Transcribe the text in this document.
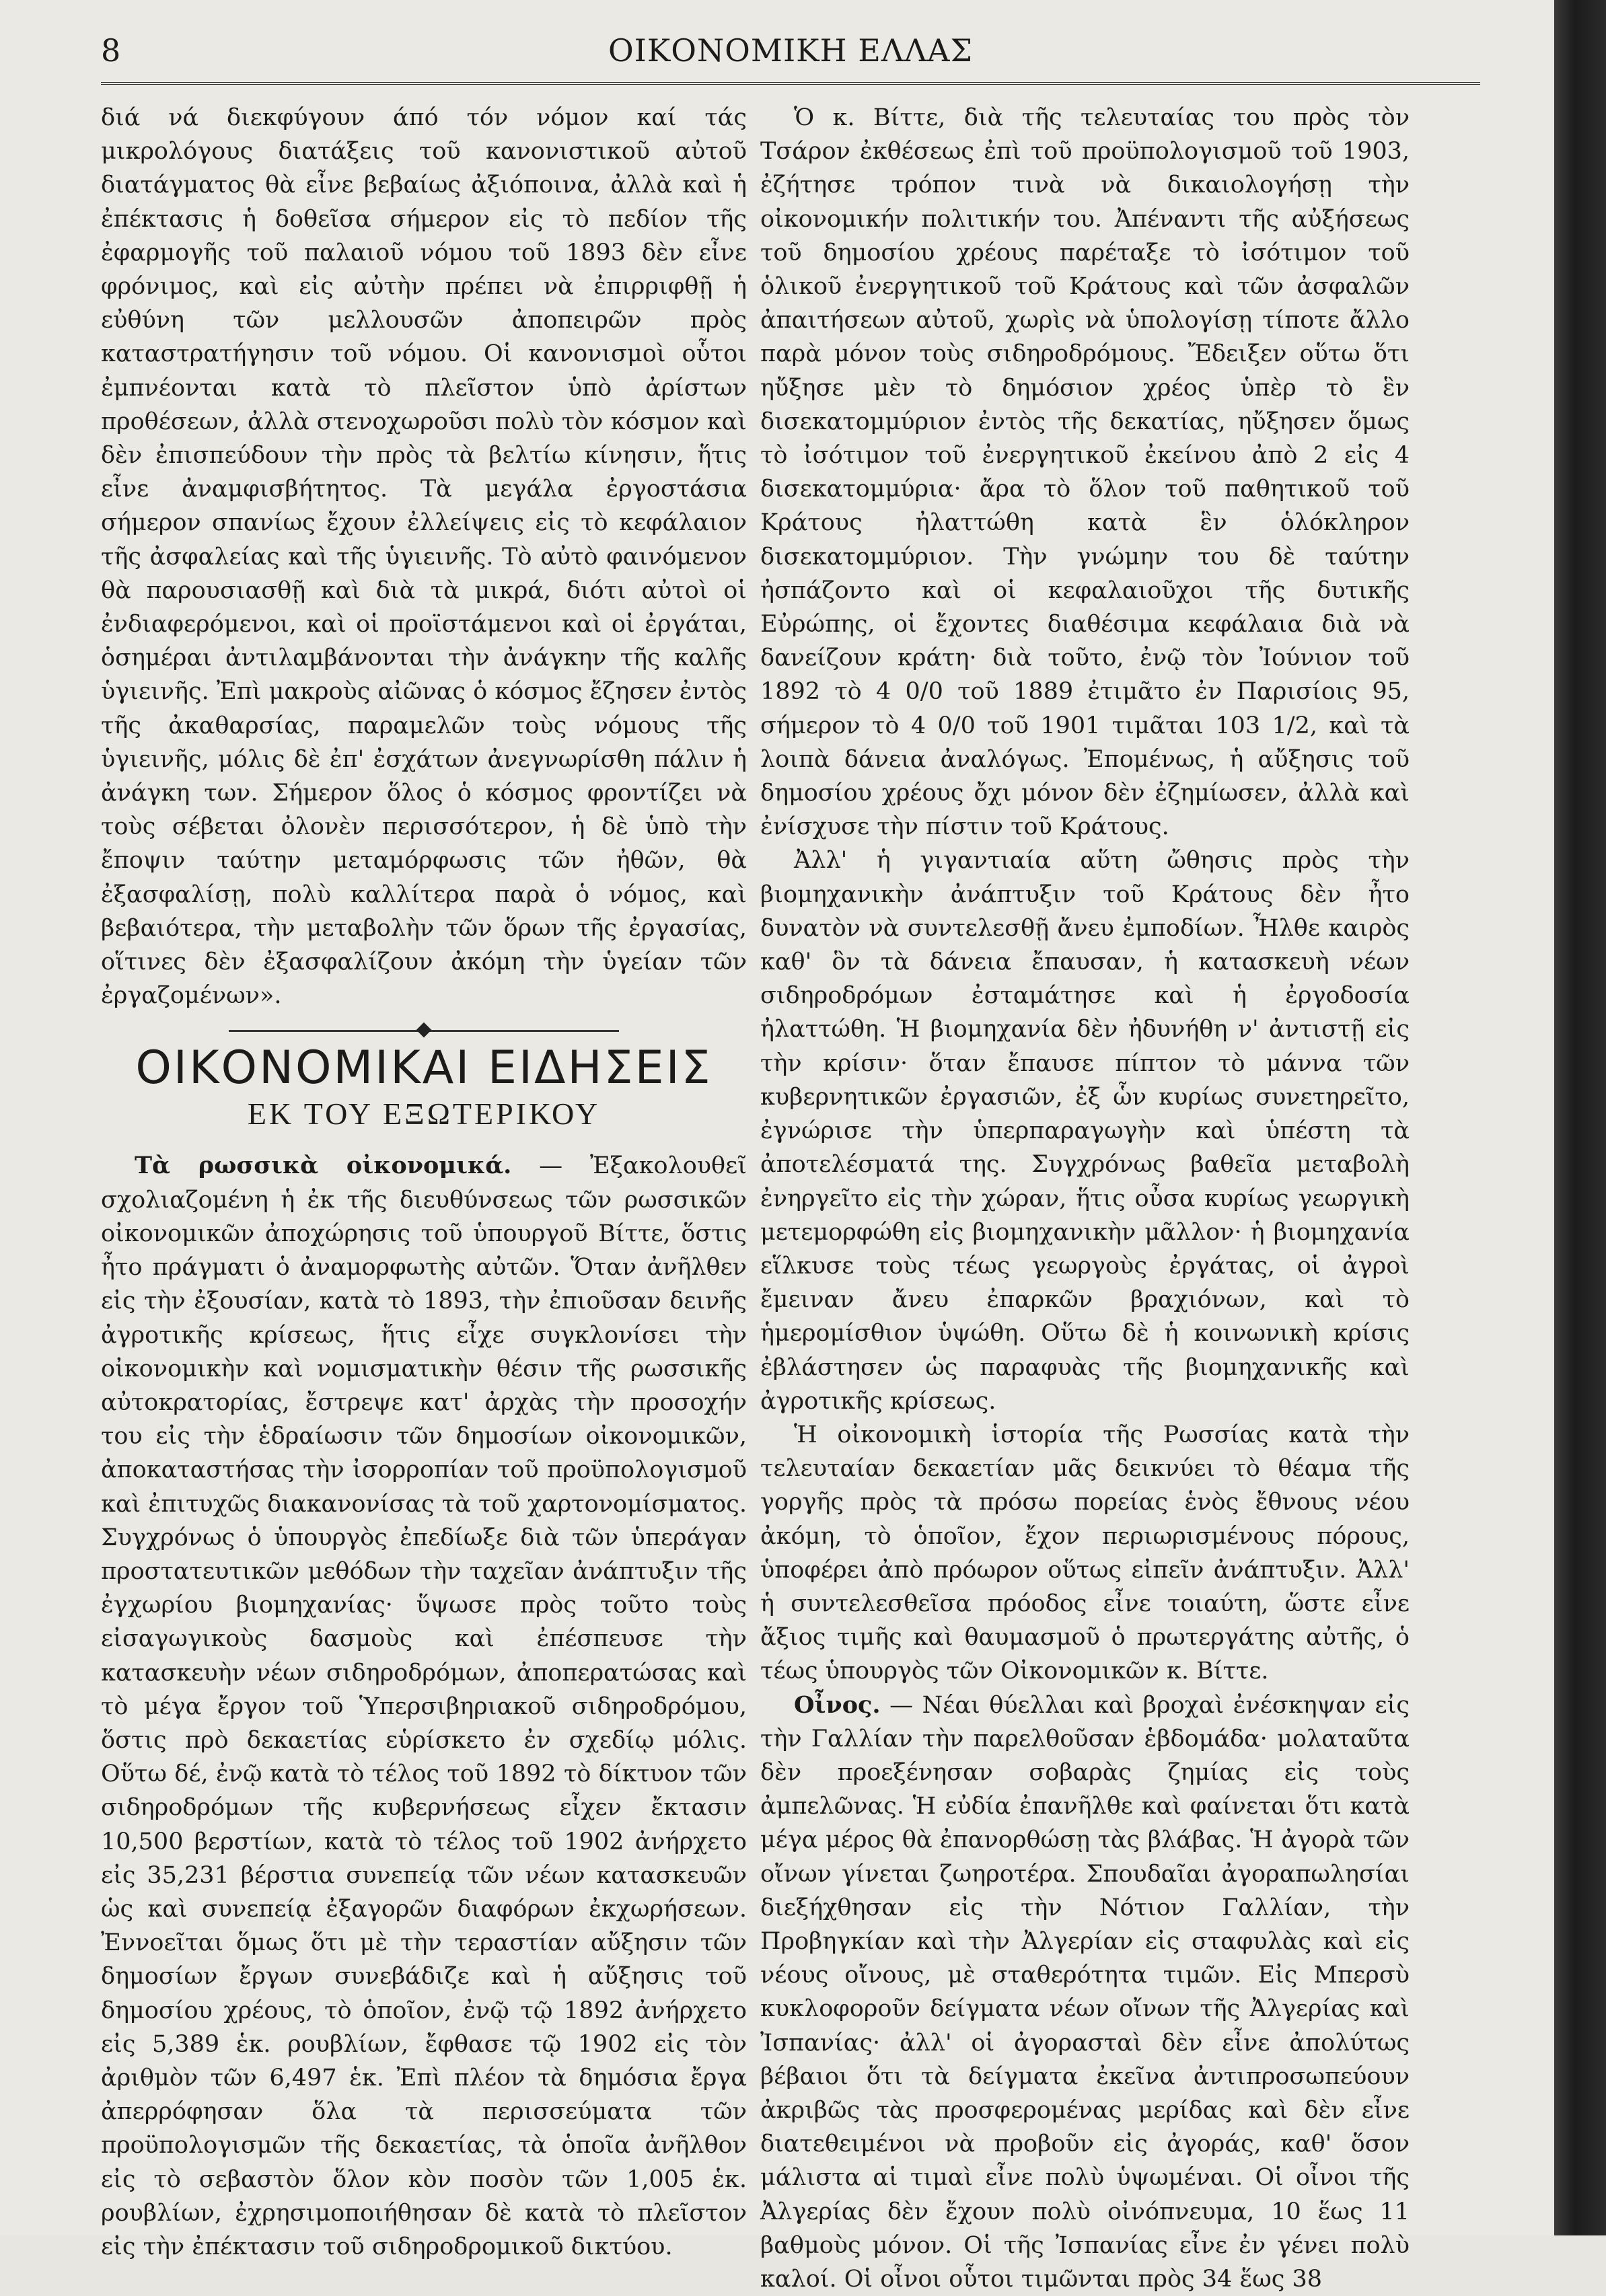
8	ΟΙΚΟΝΟΜΙΚΗ ΕΛΛΑΣ

διά νά διεκφύγουν άπό τόν νόμον καί τάς μικρολόγους διατάξεις τοῦ κανονιστικοῦ αὐτοῦ διατάγματος θὰ εἶνε βεβαίως ἀξιόποινα, ἀλλὰ καὶ ἡ ἐπέκτασις ἡ δοθεῖσα σήμερον εἰς τὸ πεδίον τῆς ἐφαρμογῆς τοῦ παλαιοῦ νόμου τοῦ 1893 δὲν εἶνε φρόνιμος, καὶ εἰς αὐτὴν πρέπει νὰ ἐπιρριφθῇ ἡ εὐθύνη τῶν μελλουσῶν ἀποπειρῶν πρὸς καταστρατήγησιν τοῦ νόμου. Οἱ κανονισμοὶ οὗτοι ἐμπνέονται κατὰ τὸ πλεῖστον ὑπὸ ἀρίστων προθέσεων, ἀλλὰ στενοχωροῦσι πολὺ τὸν κόσμον καὶ δὲν ἐπισπεύδουν τὴν πρὸς τὰ βελτίω κίνησιν, ἥτις εἶνε ἀναμφισβήτητος. Τὰ μεγάλα ἐργοστάσια σήμερον σπανίως ἔχουν ἐλλείψεις εἰς τὸ κεφάλαιον τῆς ἀσφαλείας καὶ τῆς ὑγιεινῆς. Τὸ αὐτὸ φαινόμενον θὰ παρουσιασθῇ καὶ διὰ τὰ μικρά, διότι αὐτοὶ οἱ ἐνδιαφερόμενοι, καὶ οἱ προϊστάμενοι καὶ οἱ ἐργάται, ὁσημέραι ἀντιλαμβάνονται τὴν ἀνάγκην τῆς καλῆς ὑγιεινῆς. Ἐπὶ μακροὺς αἰῶνας ὁ κόσμος ἔζησεν ἐντὸς τῆς ἀκαθαρσίας, παραμελῶν τοὺς νόμους τῆς ὑγιεινῆς, μόλις δὲ ἐπ' ἐσχάτων ἀνεγνωρίσθη πάλιν ἡ ἀνάγκη των. Σήμερον ὅλος ὁ κόσμος φροντίζει νὰ τοὺς σέβεται ὀλονὲν περισσότερον, ἡ δὲ ὑπὸ τὴν ἔποψιν ταύτην μεταμόρφωσις τῶν ἠθῶν, θὰ ἐξασφαλίσῃ, πολὺ καλλίτερα παρὰ ὁ νόμος, καὶ βεβαιότερα, τὴν μεταβολὴν τῶν ὅρων τῆς ἐργασίας, οἵτινες δὲν ἐξασφαλίζουν ἀκόμη τὴν ὑγείαν τῶν ἐργαζομένων».

ΟΙΚΟΝΟΜΙΚΑΙ ΕΙΔΗΣΕΙΣ
ΕΚ ΤΟΥ ΕΞΩΤΕΡΙΚΟΥ

Τὰ ρωσσικὰ οἰκονομικά. — Ἐξακολουθεῖ σχολιαζομένη ἡ ἐκ τῆς διευθύνσεως τῶν ρωσσικῶν οἰκονομικῶν ἀποχώρησις τοῦ ὑπουργοῦ Βίττε, ὅστις ἦτο πράγματι ὁ ἀναμορφωτὴς αὐτῶν. Ὅταν ἀνῆλθεν εἰς τὴν ἐξουσίαν, κατὰ τὸ 1893, τὴν ἐπιοῦσαν δεινῆς ἀγροτικῆς κρίσεως, ἥτις εἶχε συγκλονίσει τὴν οἰκονομικὴν καὶ νομισματικὴν θέσιν τῆς ρωσσικῆς αὐτοκρατορίας, ἔστρεψε κατ' ἀρχὰς τὴν προσοχήν του εἰς τὴν ἑδραίωσιν τῶν δημοσίων οἰκονομικῶν, ἀποκαταστήσας τὴν ἰσορροπίαν τοῦ προϋπολογισμοῦ καὶ ἐπιτυχῶς διακανονίσας τὰ τοῦ χαρτονομίσματος. Συγχρόνως ὁ ὑπουργὸς ἐπεδίωξε διὰ τῶν ὑπεράγαν προστατευτικῶν μεθόδων τὴν ταχεῖαν ἀνάπτυξιν τῆς ἐγχωρίου βιομηχανίας· ὕψωσε πρὸς τοῦτο τοὺς εἰσαγωγικοὺς δασμοὺς καὶ ἐπέσπευσε τὴν κατασκευὴν νέων σιδηροδρόμων, ἀποπερατώσας καὶ τὸ μέγα ἔργον τοῦ Ὑπερσιβηριακοῦ σιδηροδρόμου, ὅστις πρὸ δεκαετίας εὑρίσκετο ἐν σχεδίῳ μόλις. Οὕτω δέ, ἐνῷ κατὰ τὸ τέλος τοῦ 1892 τὸ δίκτυον τῶν σιδηροδρόμων τῆς κυβερνήσεως εἶχεν ἔκτασιν 10,500 βερστίων, κατὰ τὸ τέλος τοῦ 1902 ἀνήρχετο εἰς 35,231 βέρστια συνεπείᾳ τῶν νέων κατασκευῶν ὡς καὶ συνεπείᾳ ἐξαγορῶν διαφόρων ἐκχωρήσεων. Ἐννοεῖται ὅμως ὅτι μὲ τὴν τεραστίαν αὔξησιν τῶν δημοσίων ἔργων συνεβάδιζε καὶ ἡ αὔξησις τοῦ δημοσίου χρέους, τὸ ὁποῖον, ἐνῷ τῷ 1892 ἀνήρχετο εἰς 5,389 ἑκ. ρουβλίων, ἔφθασε τῷ 1902 εἰς τὸν ἀριθμὸν τῶν 6,497 ἑκ. Ἐπὶ πλέον τὰ δημόσια ἔργα ἀπερρόφησαν ὅλα τὰ περισσεύματα τῶν προϋπολογισμῶν τῆς δεκαετίας, τὰ ὁποῖα ἀνῆλθον εἰς τὸ σεβαστὸν ὅλον κὸν ποσὸν τῶν 1,005 ἑκ. ρουβλίων, ἐχρησιμοποιήθησαν δὲ κατὰ τὸ πλεῖστον εἰς τὴν ἐπέκτασιν τοῦ σιδηροδρομικοῦ δικτύου.

Ὁ κ. Βίττε, διὰ τῆς τελευταίας του πρὸς τὸν Τσάρον ἐκθέσεως ἐπὶ τοῦ προϋπολογισμοῦ τοῦ 1903, ἐζήτησε τρόπον τινὰ νὰ δικαιολογήσῃ τὴν οἰκονομικήν πολιτικήν του. Ἀπέναντι τῆς αὐξήσεως τοῦ δημοσίου χρέους παρέταξε τὸ ἰσότιμον τοῦ ὁλικοῦ ἐνεργητικοῦ τοῦ Κράτους καὶ τῶν ἀσφαλῶν ἀπαιτήσεων αὐτοῦ, χωρὶς νὰ ὑπολογίσῃ τίποτε ἄλλο παρὰ μόνον τοὺς σιδηροδρόμους. Ἔδειξεν οὕτω ὅτι ηὔξησε μὲν τὸ δημόσιον χρέος ὑπὲρ τὸ ἓν δισεκατομμύριον ἐντὸς τῆς δεκατίας, ηὔξησεν ὅμως τὸ ἰσότιμον τοῦ ἐνεργητικοῦ ἐκείνου ἀπὸ 2 εἰς 4 δισεκατομμύρια· ἄρα τὸ ὅλον τοῦ παθητικοῦ τοῦ Κράτους ἠλαττώθη κατὰ ἓν ὁλόκληρον δισεκατομμύριον. Τὴν γνώμην του δὲ ταύτην ἠσπάζοντο καὶ οἱ κεφαλαιοῦχοι τῆς δυτικῆς Εὐρώπης, οἱ ἔχοντες διαθέσιμα κεφάλαια διὰ νὰ δανείζουν κράτη· διὰ τοῦτο, ἐνῷ τὸν Ἰούνιον τοῦ 1892 τὸ 4 0/0 τοῦ 1889 ἐτιμᾶτο ἐν Παρισίοις 95, σήμερον τὸ 4 0/0 τοῦ 1901 τιμᾶται 103 1/2, καὶ τὰ λοιπὰ δάνεια ἀναλόγως. Ἐπομένως, ἡ αὔξησις τοῦ δημοσίου χρέους ὄχι μόνον δὲν ἐζημίωσεν, ἀλλὰ καὶ ἐνίσχυσε τὴν πίστιν τοῦ Κράτους.

Ἀλλ' ἡ γιγαντιαία αὕτη ὤθησις πρὸς τὴν βιομηχανικὴν ἀνάπτυξιν τοῦ Κράτους δὲν ἦτο δυνατὸν νὰ συντελεσθῇ ἄνευ ἐμποδίων. Ἦλθε καιρὸς καθ' ὃν τὰ δάνεια ἔπαυσαν, ἡ κατασκευὴ νέων σιδηροδρόμων ἐσταμάτησε καὶ ἡ ἐργοδοσία ἠλαττώθη. Ἡ βιομηχανία δὲν ἠδυνήθη ν' ἀντιστῇ εἰς τὴν κρίσιν· ὅταν ἔπαυσε πίπτον τὸ μάννα τῶν κυβερνητικῶν ἐργασιῶν, ἐξ ὧν κυρίως συνετηρεῖτο, ἐγνώρισε τὴν ὑπερπαραγωγὴν καὶ ὑπέστη τὰ ἀποτελέσματά της. Συγχρόνως βαθεῖα μεταβολὴ ἐνηργεῖτο εἰς τὴν χώραν, ἥτις οὖσα κυρίως γεωργικὴ μετεμορφώθη εἰς βιομηχανικὴν μᾶλλον· ἡ βιομηχανία εἵλκυσε τοὺς τέως γεωργοὺς ἐργάτας, οἱ ἀγροὶ ἔμειναν ἄνευ ἐπαρκῶν βραχιόνων, καὶ τὸ ἡμερομίσθιον ὑψώθη. Οὕτω δὲ ἡ κοινωνικὴ κρίσις ἐβλάστησεν ὡς παραφυὰς τῆς βιομηχανικῆς καὶ ἀγροτικῆς κρίσεως.

Ἡ οἰκονομικὴ ἱστορία τῆς Ρωσσίας κατὰ τὴν τελευταίαν δεκαετίαν μᾶς δεικνύει τὸ θέαμα τῆς γοργῆς πρὸς τὰ πρόσω πορείας ἑνὸς ἔθνους νέου ἀκόμη, τὸ ὁποῖον, ἔχον περιωρισμένους πόρους, ὑποφέρει ἀπὸ πρόωρον οὕτως εἰπεῖν ἀνάπτυξιν. Ἀλλ' ἡ συντελεσθεῖσα πρόοδος εἶνε τοιαύτη, ὥστε εἶνε ἄξιος τιμῆς καὶ θαυμασμοῦ ὁ πρωτεργάτης αὐτῆς, ὁ τέως ὑπουργὸς τῶν Οἰκονομικῶν κ. Βίττε.

Οἶνος. — Νέαι θύελλαι καὶ βροχαὶ ἐνέσκηψαν εἰς τὴν Γαλλίαν τὴν παρελθοῦσαν ἑβδομάδα· μολαταῦτα δὲν προεξένησαν σοβαρὰς ζημίας εἰς τοὺς ἀμπελῶνας. Ἡ εὐδία ἐπανῆλθε καὶ φαίνεται ὅτι κατὰ μέγα μέρος θὰ ἐπανορθώσῃ τὰς βλάβας. Ἡ ἀγορὰ τῶν οἴνων γίνεται ζωηροτέρα. Σπουδαῖαι ἀγοραπωλησίαι διεξήχθησαν εἰς τὴν Νότιον Γαλλίαν, τὴν Προβηγκίαν καὶ τὴν Ἀλγερίαν εἰς σταφυλὰς καὶ εἰς νέους οἴνους, μὲ σταθερότητα τιμῶν. Εἰς Μπερσὺ κυκλοφοροῦν δείγματα νέων οἴνων τῆς Ἀλγερίας καὶ Ἰσπανίας· ἀλλ' οἱ ἀγορασταὶ δὲν εἶνε ἀπολύτως βέβαιοι ὅτι τὰ δείγματα ἐκεῖνα ἀντιπροσωπεύουν ἀκριβῶς τὰς προσφερομένας μερίδας καὶ δὲν εἶνε διατεθειμένοι νὰ προβοῦν εἰς ἀγοράς, καθ' ὅσον μάλιστα αἱ τιμαὶ εἶνε πολὺ ὑψωμέναι. Οἱ οἶνοι τῆς Ἀλγερίας δὲν ἔχουν πολὺ οἰνόπνευμα, 10 ἕως 11 βαθμοὺς μόνον. Οἱ τῆς Ἰσπανίας εἶνε ἐν γένει πολὺ καλοί. Οἱ οἶνοι οὗτοι τιμῶνται πρὸς 34 ἕως 38
